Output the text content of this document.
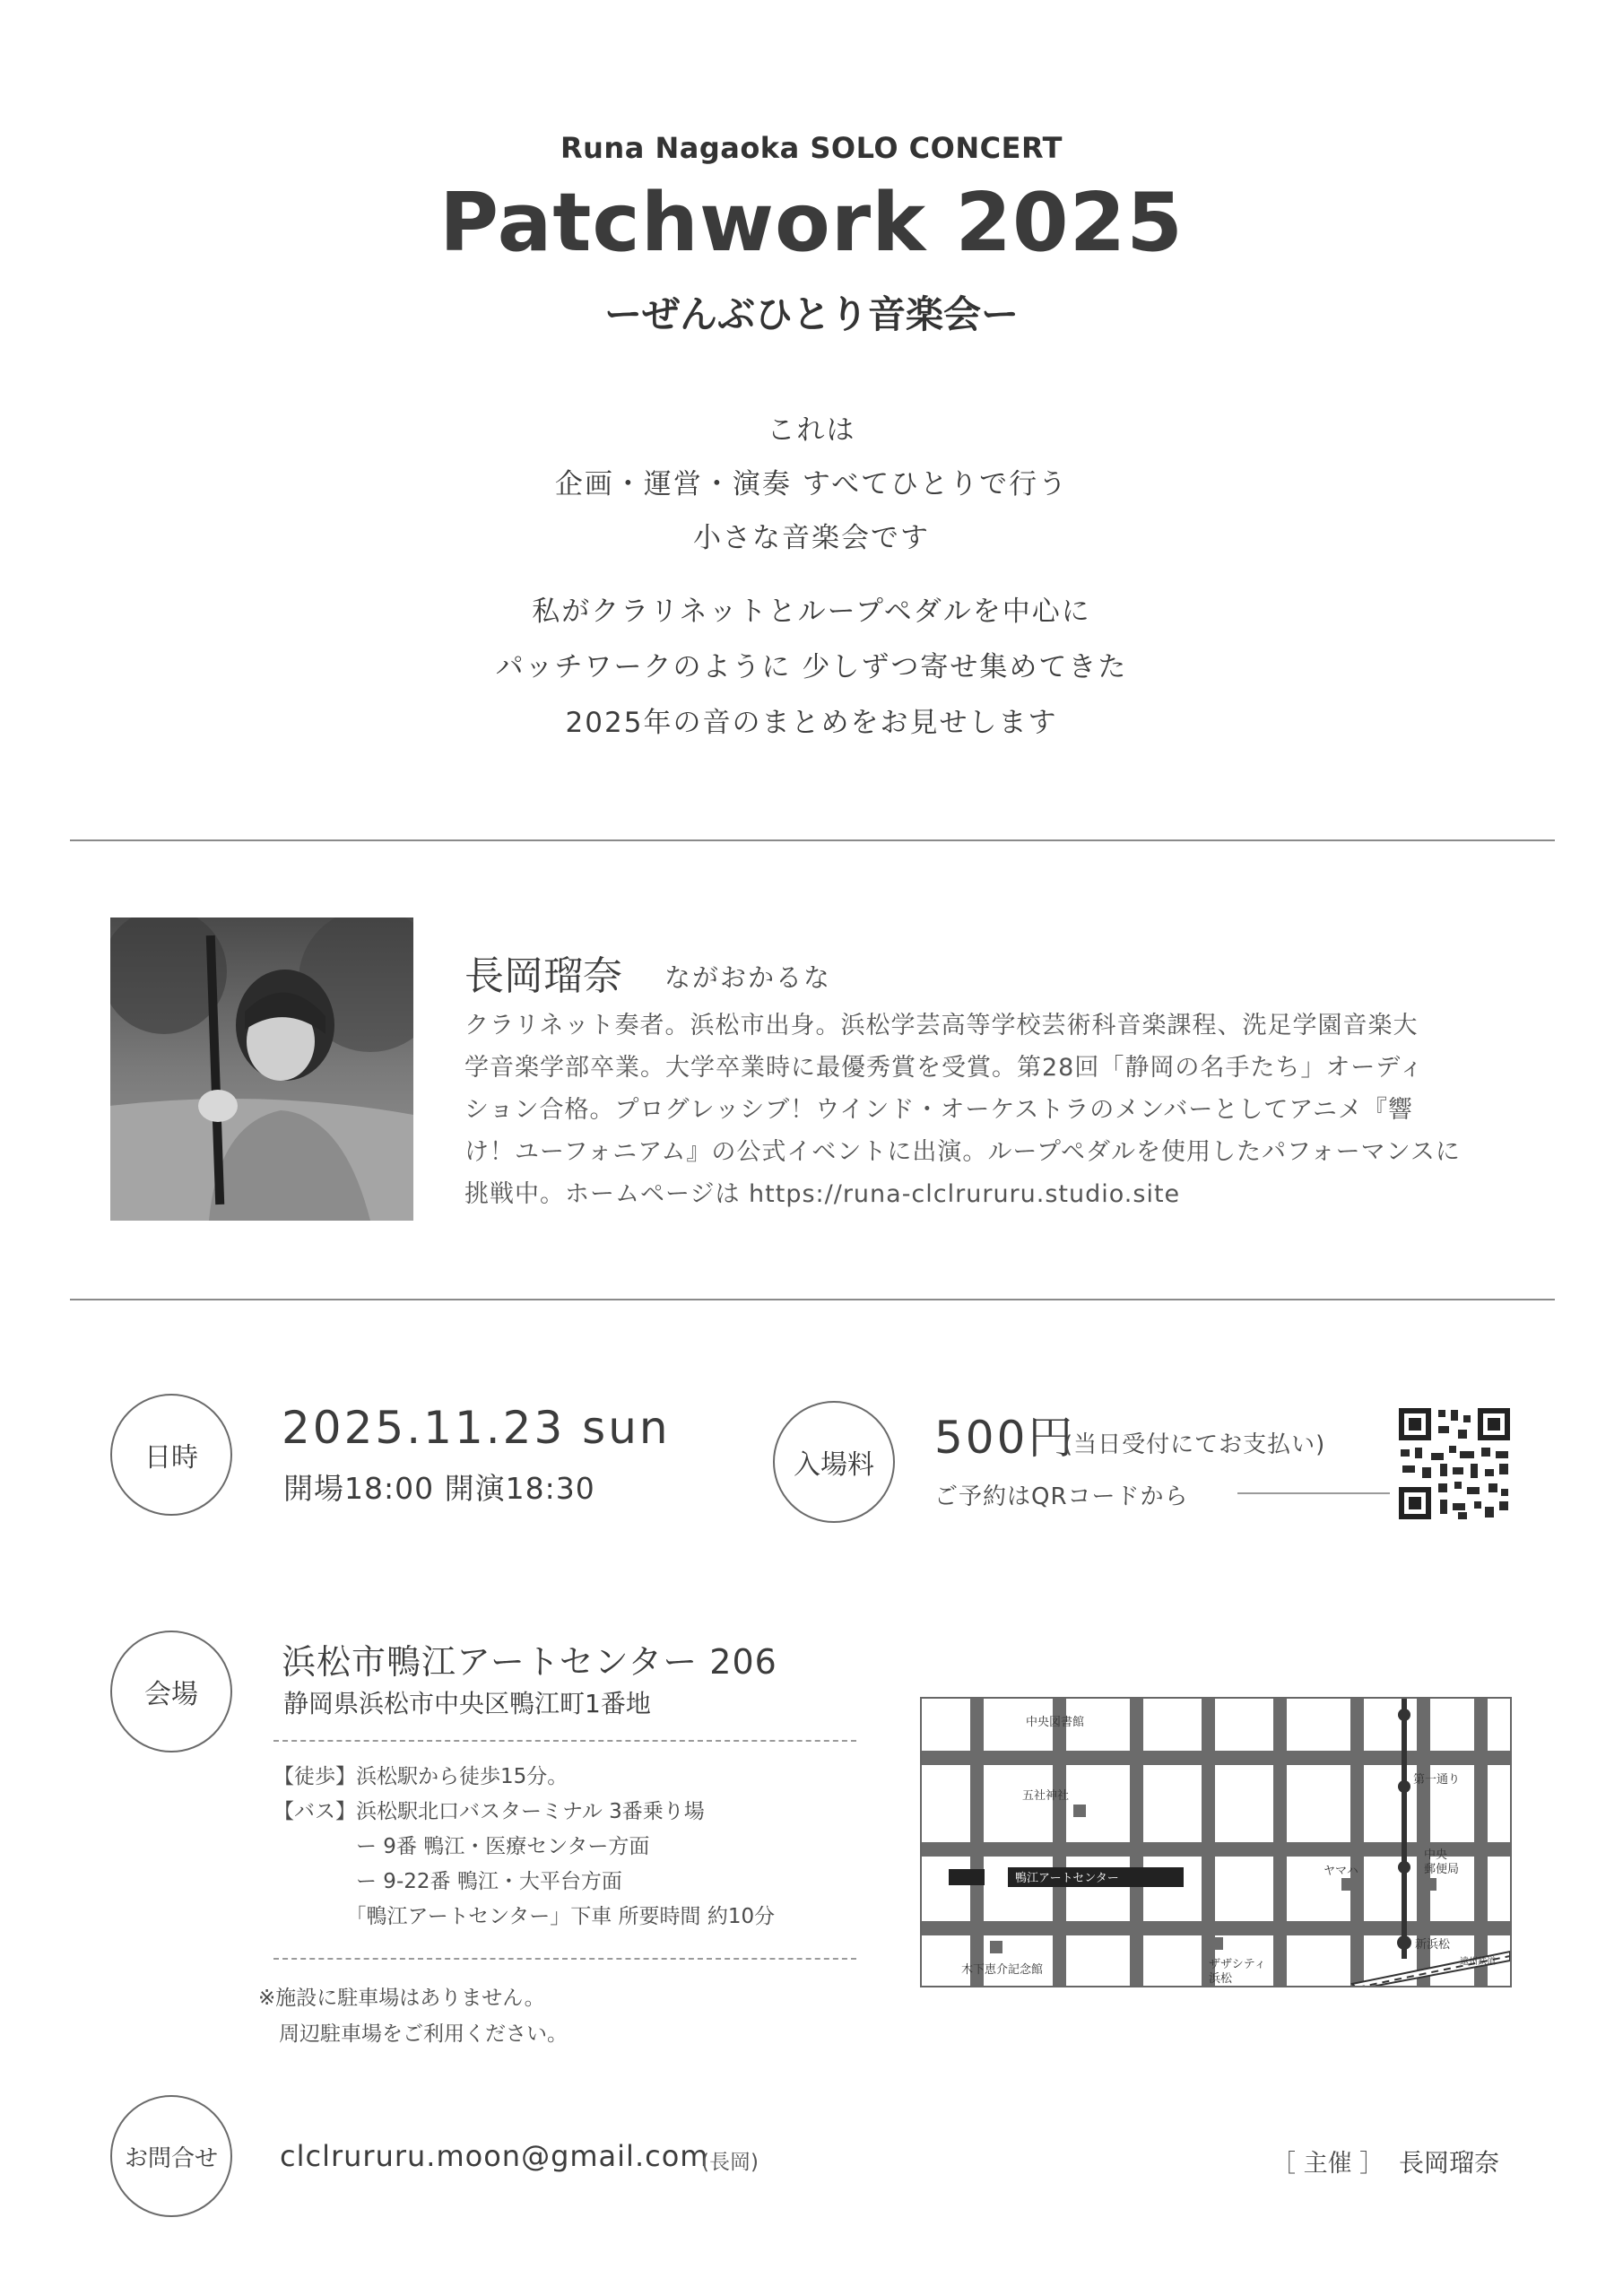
Runa Nagaoka SOLO CONCERT
Patchwork 2025
ーぜんぶひとり音楽会ー
これは
企画・運営・演奏 すべてひとりで行う
小さな音楽会です
私がクラリネットとループペダルを中心に
パッチワークのように 少しずつ寄せ集めてきた
2025年の音のまとめをお見せします
長岡瑠奈 ながおかるな
クラリネット奏者。浜松市出身。浜松学芸高等学校芸術科音楽課程、洗足学園音楽大
学音楽学部卒業。大学卒業時に最優秀賞を受賞。第28回「静岡の名手たち」オーディ
ション合格。プログレッシブ！ウインド・オーケストラのメンバーとしてアニメ『響
け！ユーフォニアム』の公式イベントに出演。ループペダルを使用したパフォーマンスに
挑戦中。ホームページは https://runa-clclrururu.studio.site
日時
2025.11.23 sun
開場18:00 開演18:30
入場料
500円
(当日受付にてお支払い)
ご予約はQRコードから
会場
浜松市鴨江アートセンター 206
静岡県浜松市中央区鴨江町1番地
【徒歩】浜松駅から徒歩15分。
【バス】浜松駅北口バスターミナル 3番乗り場
　　　　ー 9番 鴨江・医療センター方面
　　　　ー 9-22番 鴨江・大平台方面
　　　　「鴨江アートセンター」下車 所要時間 約10分
※施設に駐車場はありません。
　周辺駐車場をご利用ください。
鴨江アートセンター
中央図書館
五社神社
木下恵介記念館	ザザシティ
浜松
ヤマハ
中央
郵便局
第一通り
新浜松
遠州鉄道
お問合せ	clclrururu.moon@gmail.com
(長岡)	［ 主催 ］ 長岡瑠奈
